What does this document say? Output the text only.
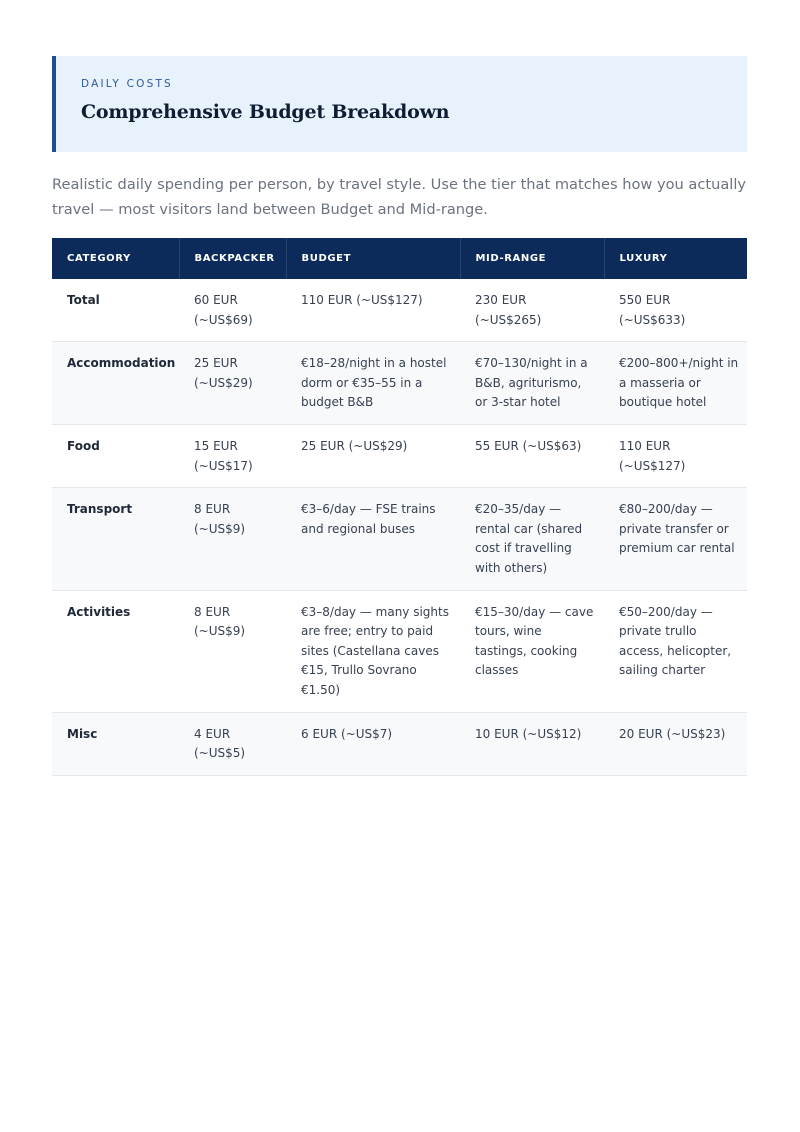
DAILY COSTS
Comprehensive Budget Breakdown

Realistic daily spending per person, by travel style. Use the tier that matches how you actually travel — most visitors land between Budget and Mid-range.

CATEGORY	BACKPACKER	BUDGET	MID-RANGE	LUXURY
Total	60 EUR (~US$69)	110 EUR (~US$127)	230 EUR (~US$265)	550 EUR (~US$633)
Accommodation	25 EUR (~US$29)	€18–28/night in a hostel dorm or €35–55 in a budget B&B	€70–130/night in a B&B, agriturismo, or 3-star hotel	€200–800+/night in a masseria or boutique hotel
Food	15 EUR (~US$17)	25 EUR (~US$29)	55 EUR (~US$63)	110 EUR (~US$127)
Transport	8 EUR (~US$9)	€3–6/day — FSE trains and regional buses	€20–35/day — rental car (shared cost if travelling with others)	€80–200/day — private transfer or premium car rental
Activities	8 EUR (~US$9)	€3–8/day — many sights are free; entry to paid sites (Castellana caves €15, Trullo Sovrano €1.50)	€15–30/day — cave tours, wine tastings, cooking classes	€50–200/day — private trullo access, helicopter, sailing charter
Misc	4 EUR (~US$5)	6 EUR (~US$7)	10 EUR (~US$12)	20 EUR (~US$23)
